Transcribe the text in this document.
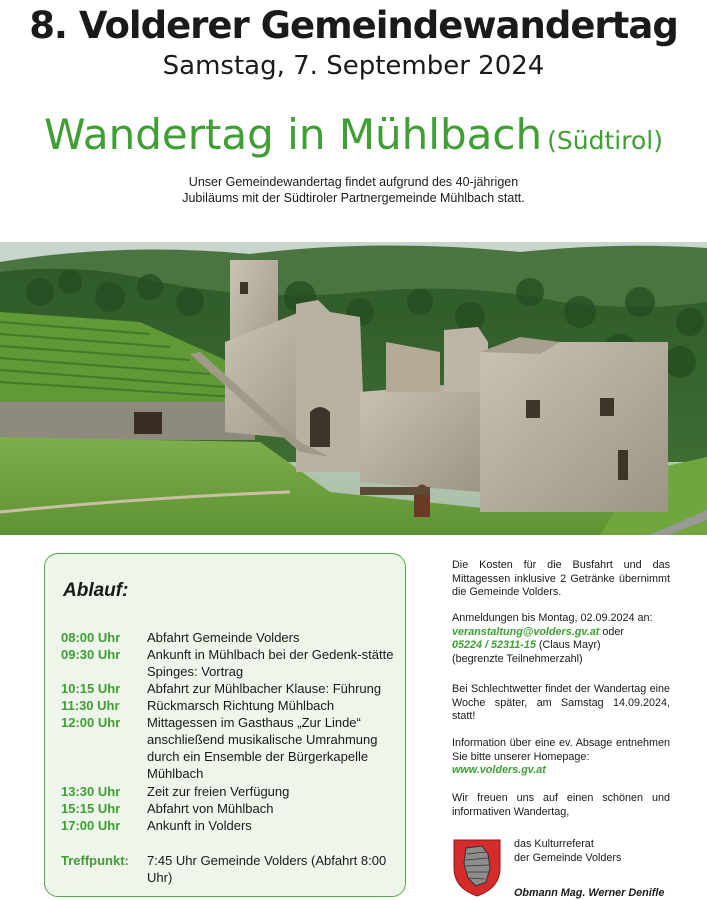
8. Volderer Gemeindewandertag
Samstag, 7. September 2024
Wandertag in Mühlbach (Südtirol)
Unser Gemeindewandertag findet aufgrund des 40-jährigen
Jubiläums mit der Südtiroler Partnergemeinde Mühlbach statt.
Ablauf:
08:00 Uhr	Abfahrt Gemeinde Volders
09:30 Uhr	Ankunft in Mühlbach bei der Gedenk-stätte Spinges: Vortrag
10:15 Uhr	Abfahrt zur Mühlbacher Klause: Führung
11:30 Uhr	Rückmarsch Richtung Mühlbach
12:00 Uhr	Mittagessen im Gasthaus „Zur Linde“ anschließend musikalische Umrahmung durch ein Ensemble der Bürgerkapelle Mühlbach
13:30 Uhr	Zeit zur freien Verfügung
15:15 Uhr	Abfahrt von Mühlbach
17:00 Uhr	Ankunft in Volders
Treffpunkt:	7:45 Uhr Gemeinde Volders (Abfahrt 8:00 Uhr)
Die Kosten für die Busfahrt und das Mittagessen inklusive 2 Getränke übernimmt die Gemeinde Volders.
Anmeldungen bis Montag, 02.09.2024 an:
veranstaltung@volders.gv.at oder
05224 / 52311-15 (Claus Mayr)
(begrenzte Teilnehmerzahl)
Bei Schlechtwetter findet der Wandertag eine Woche später, am Samstag 14.09.2024, statt!
Information über eine ev. Absage entnehmen Sie bitte unserer Homepage:
www.volders.gv.at
Wir freuen uns auf einen schönen und informativen Wandertag,
das Kulturreferat
der Gemeinde Volders
Obmann Mag. Werner Denifle
